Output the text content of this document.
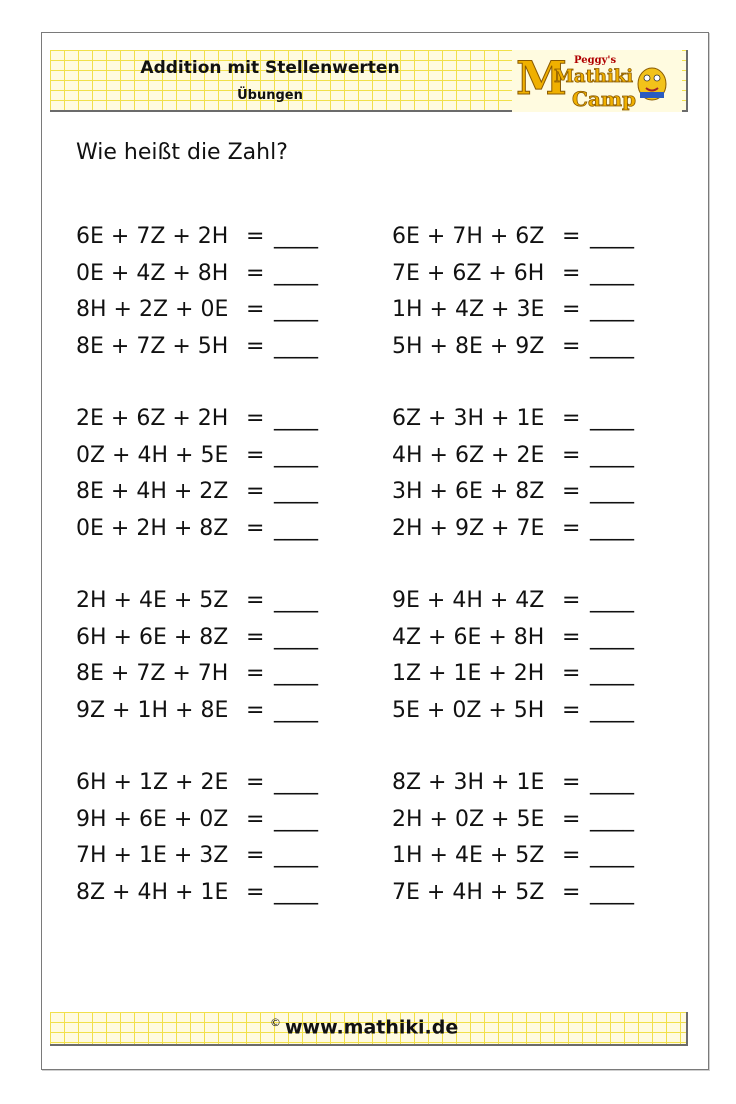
Addition mit Stellenwerten
Übungen	M Peggy's
Mathiki
Camp
Wie heißt die Zahl?
6E + 7Z + 2H = ____
0E + 4Z + 8H = ____
8H + 2Z + 0E = ____
8E + 7Z + 5H = ____
2E + 6Z + 2H = ____
0Z + 4H + 5E = ____
8E + 4H + 2Z = ____
0E + 2H + 8Z = ____
2H + 4E + 5Z = ____
6H + 6E + 8Z = ____
8E + 7Z + 7H = ____
9Z + 1H + 8E = ____
6H + 1Z + 2E = ____
9H + 6E + 0Z = ____
7H + 1E + 3Z = ____
8Z + 4H + 1E = ____
6E + 7H + 6Z = ____
7E + 6Z + 6H = ____
1H + 4Z + 3E = ____
5H + 8E + 9Z = ____
6Z + 3H + 1E = ____
4H + 6Z + 2E = ____
3H + 6E + 8Z = ____
2H + 9Z + 7E = ____
9E + 4H + 4Z = ____
4Z + 6E + 8H = ____
1Z + 1E + 2H = ____
5E + 0Z + 5H = ____
8Z + 3H + 1E = ____
2H + 0Z + 5E = ____
1H + 4E + 5Z = ____
7E + 4H + 5Z = ____
© www.mathiki.de
